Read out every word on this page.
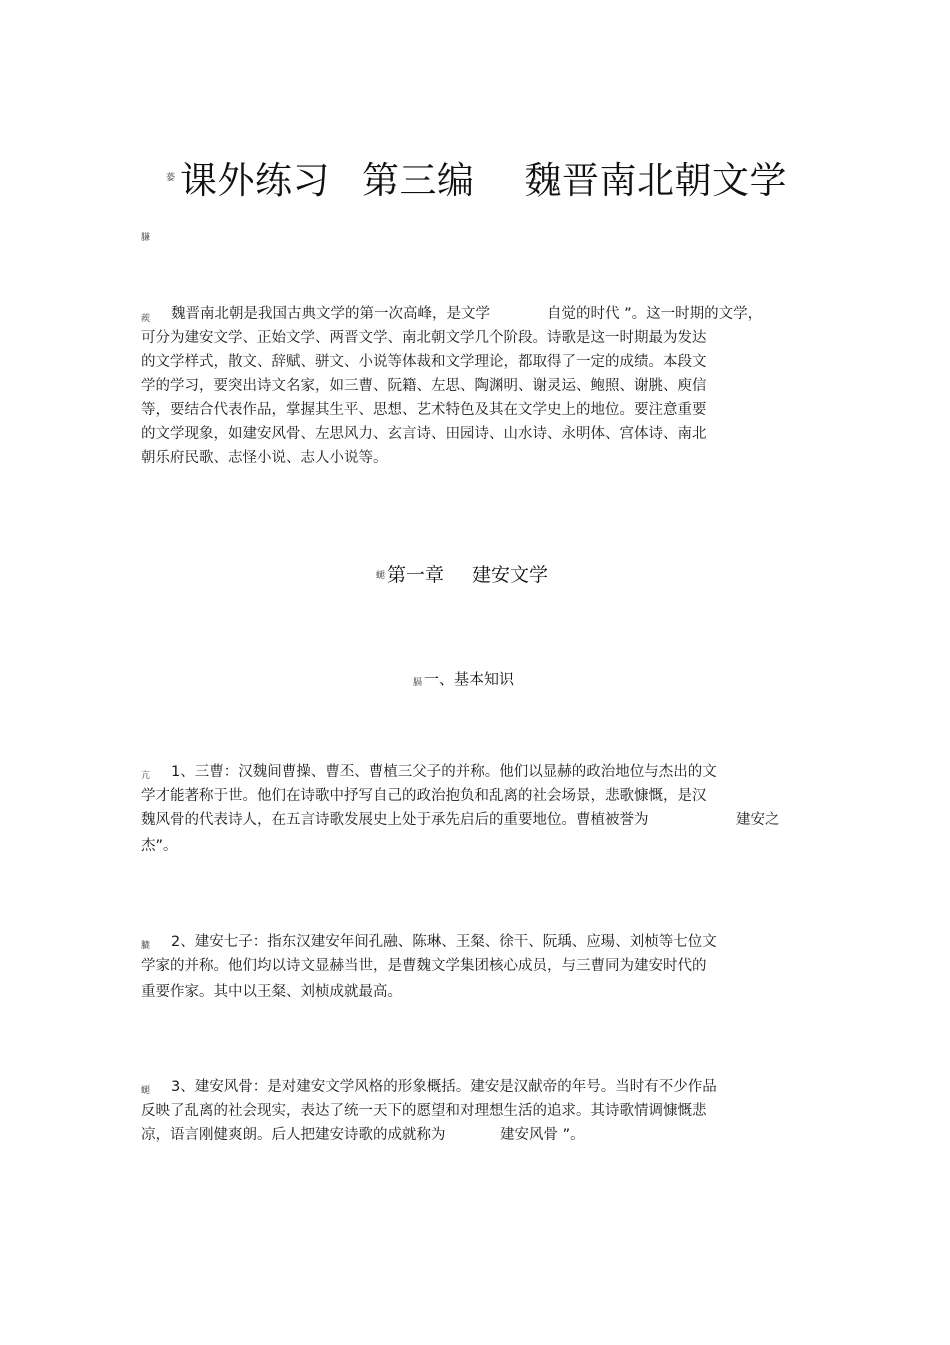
蒆 课外练习 第三编 魏晋南北朝文学
膁
蒺 魏晋南北朝是我国古典文学的第一次高峰，是文学	自觉的时代 ”。这一时期的文学，
可分为建安文学、正始文学、两晋文学、南北朝文学几个阶段。诗歌是这一时期最为发达
的文学样式，散文、辞赋、骈文、小说等体裁和文学理论，都取得了一定的成绩。本段文
学的学习，要突出诗文名家，如三曹、阮籍、左思、陶渊明、谢灵运、鲍照、谢朓、庾信
等，要结合代表作品，掌握其生平、思想、艺术特色及其在文学史上的地位。要注意重要
的文学现象，如建安风骨、左思风力、玄言诗、田园诗、山水诗、永明体、宫体诗、南北
朝乐府民歌、志怪小说、志人小说等。
螁 第一章 建安文学
膈 一、基本知识
亢 1、三曹：汉魏间曹操、曹丕、曹植三父子的并称。他们以显赫的政治地位与杰出的文
学才能著称于世。他们在诗歌中抒写自己的政治抱负和乱离的社会场景，悲歌慷慨，是汉
魏风骨的代表诗人，在五言诗歌发展史上处于承先启后的重要地位。曹植被誉为	建安之
杰”。
膔 2、建安七子：指东汉建安年间孔融、陈琳、王粲、徐干、阮瑀、应瑒、刘桢等七位文
学家的并称。他们均以诗文显赫当世，是曹魏文学集团核心成员，与三曹同为建安时代的
重要作家。其中以王粲、刘桢成就最高。
螁 3、建安风骨：是对建安文学风格的形象概括。建安是汉献帝的年号。当时有不少作品
反映了乱离的社会现实，表达了统一天下的愿望和对理想生活的追求。其诗歌情调慷慨悲
凉，语言刚健爽朗。后人把建安诗歌的成就称为	建安风骨 ”。
